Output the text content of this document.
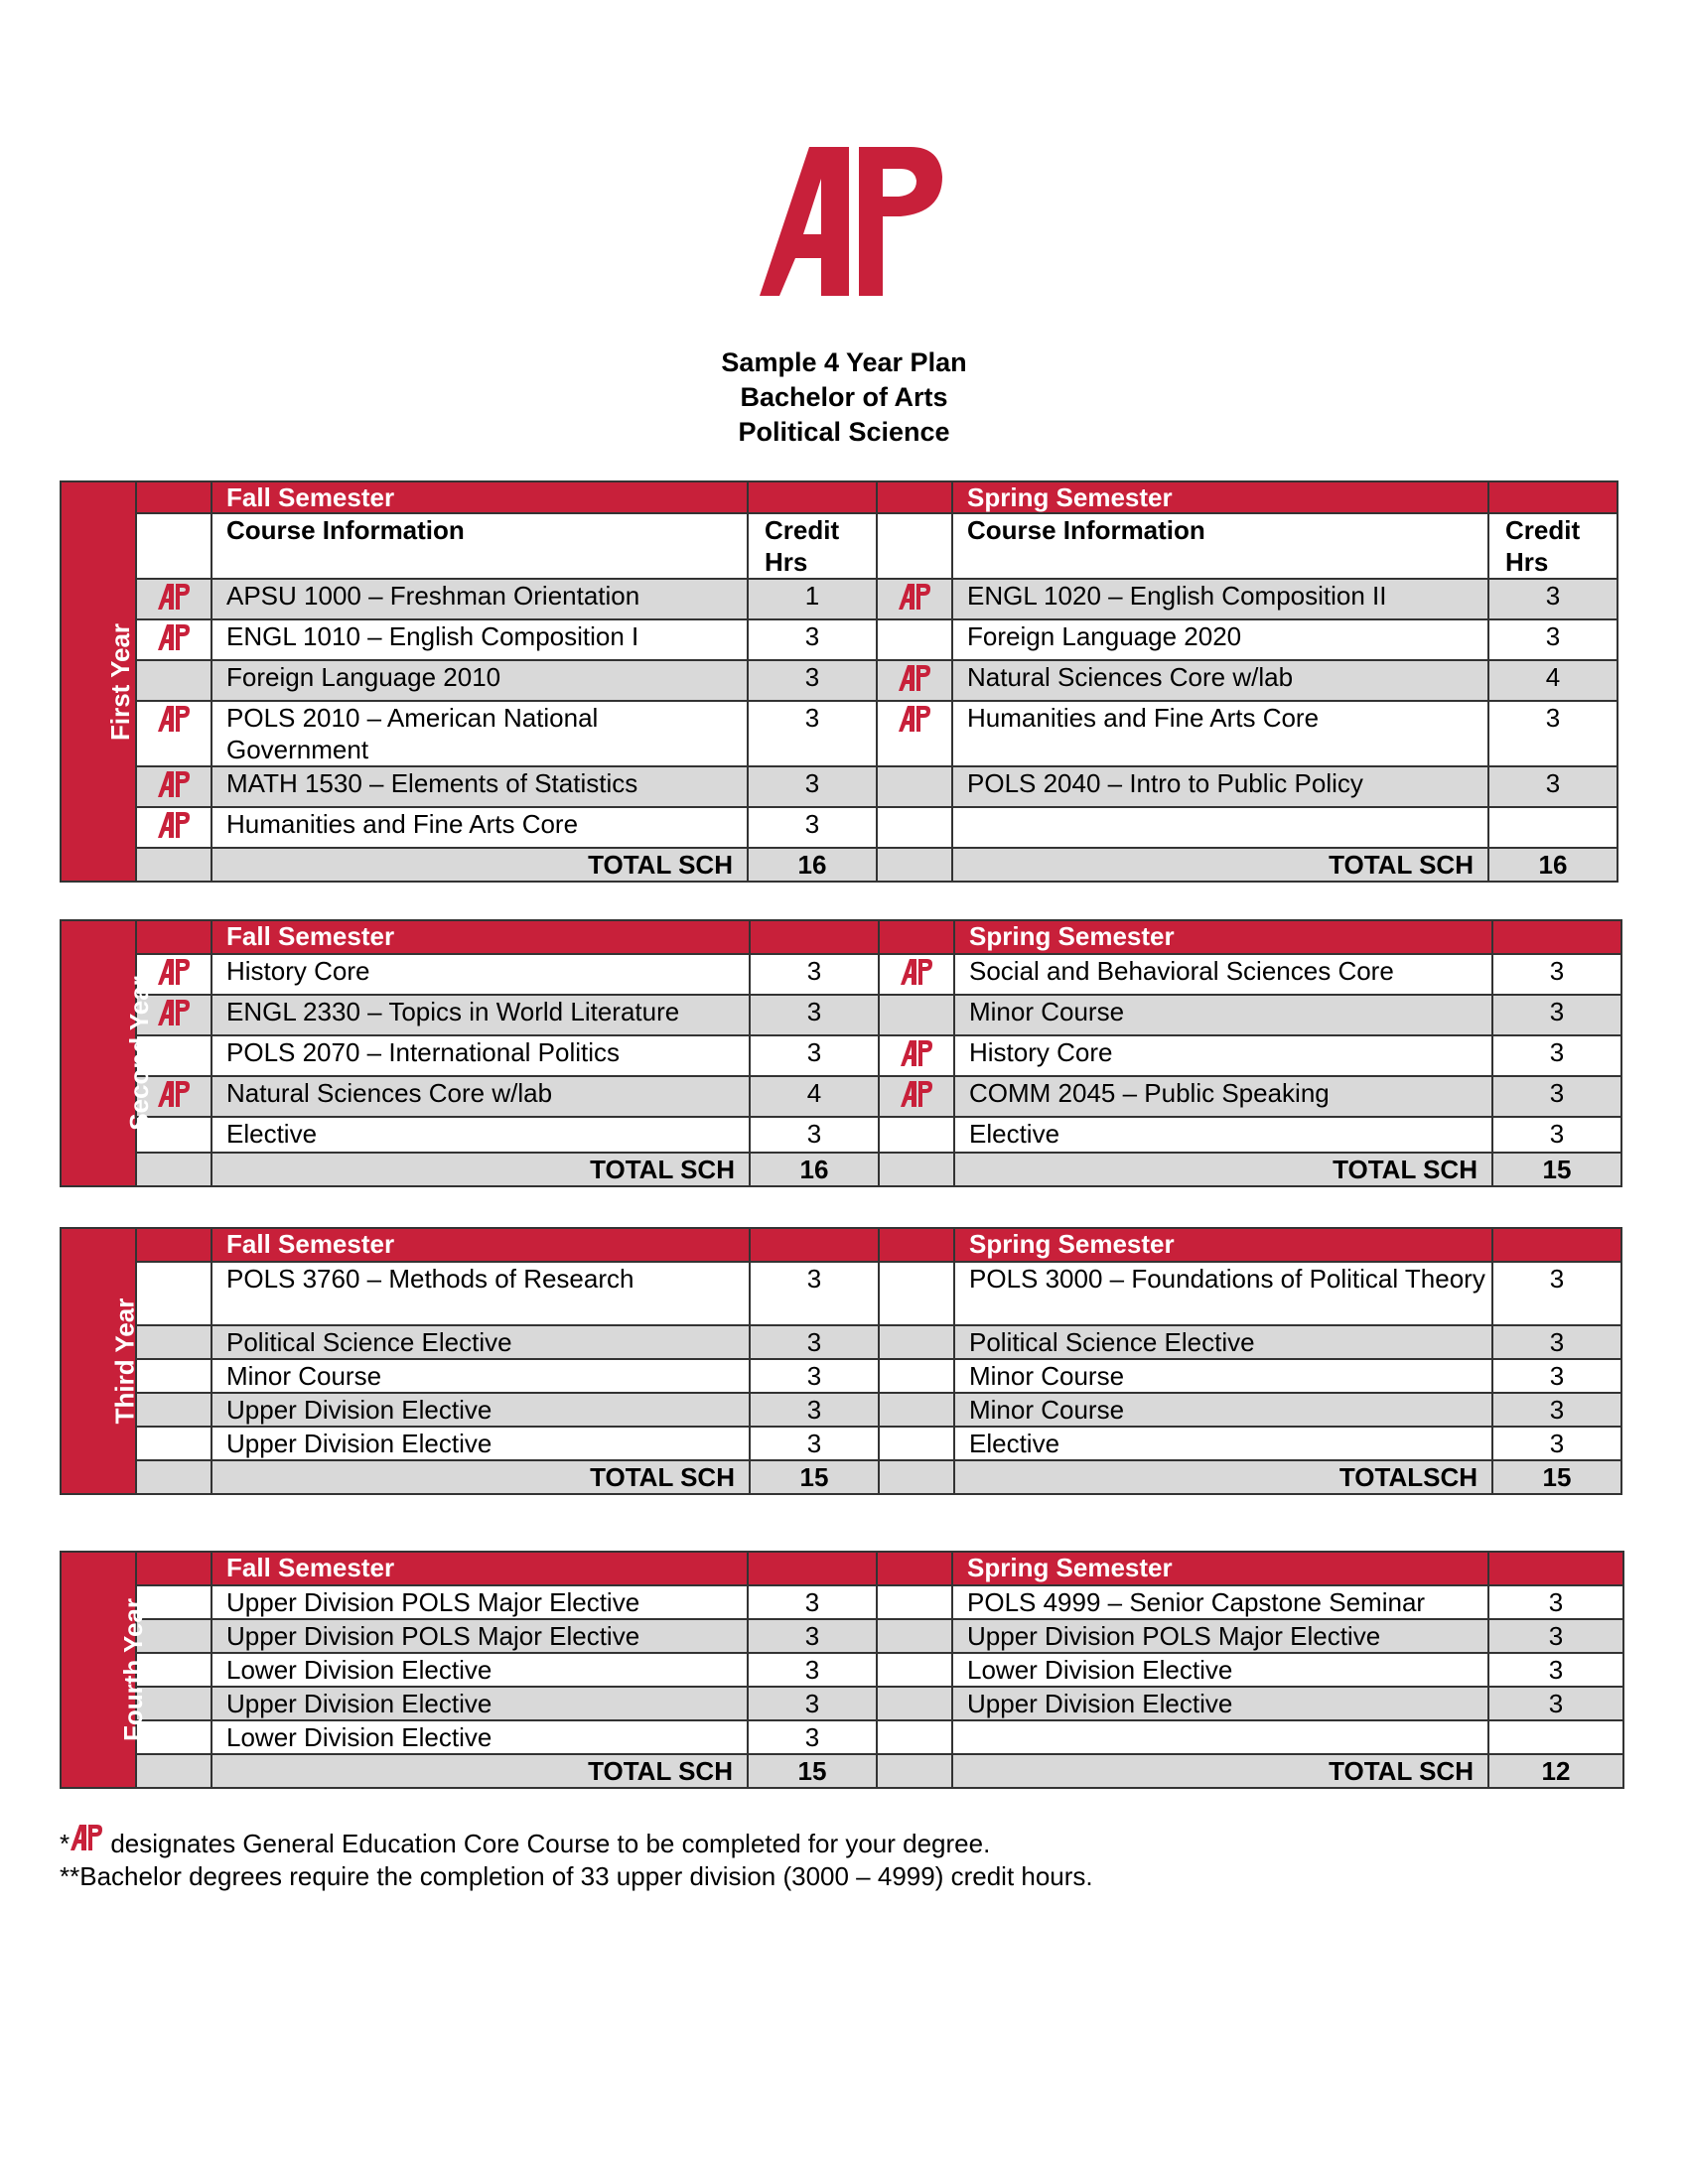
Sample 4 Year Plan
Bachelor of Arts
Political Science
First Year		Fall Semester			Spring Semester	
		Course Information	Credit Hrs		Course Information	Credit Hrs
	APSU 1000 – Freshman Orientation	1		ENGL 1020 – English Composition II	3
	ENGL 1010 – English Composition I	3		Foreign Language 2020	3
		Foreign Language 2010	3		Natural Sciences Core w/lab	4
	POLS 2010 – American National Government	3		Humanities and Fine Arts Core	3
	MATH 1530 – Elements of Statistics	3		POLS 2040 – Intro to Public Policy	3
	Humanities and Fine Arts Core	3			
		TOTAL SCH	16		TOTAL SCH	16
Second Year		Fall Semester			Spring Semester	
	History Core	3		Social and Behavioral Sciences Core	3
	ENGL 2330 – Topics in World Literature	3		Minor Course	3
		POLS 2070 – International Politics	3		History Core	3
	Natural Sciences Core w/lab	4		COMM 2045 – Public Speaking	3
		Elective	3		Elective	3
		TOTAL SCH	16		TOTAL SCH	15
Third Year		Fall Semester			Spring Semester	
		POLS 3760 – Methods of Research	3		POLS 3000 – Foundations of Political Theory	3
		Political Science Elective	3		Political Science Elective	3
		Minor Course	3		Minor Course	3
		Upper Division Elective	3		Minor Course	3
		Upper Division Elective	3		Elective	3
		TOTAL SCH	15		TOTALSCH	15
Fourth Year		Fall Semester			Spring Semester	
		Upper Division POLS Major Elective	3		POLS 4999 – Senior Capstone Seminar	3
		Upper Division POLS Major Elective	3		Upper Division POLS Major Elective	3
		Lower Division Elective	3		Lower Division Elective	3
		Upper Division Elective	3		Upper Division Elective	3
		Lower Division Elective	3			
		TOTAL SCH	15		TOTAL SCH	12
* designates General Education Core Course to be completed for your degree.
**Bachelor degrees require the completion of 33 upper division (3000 – 4999) credit hours.
